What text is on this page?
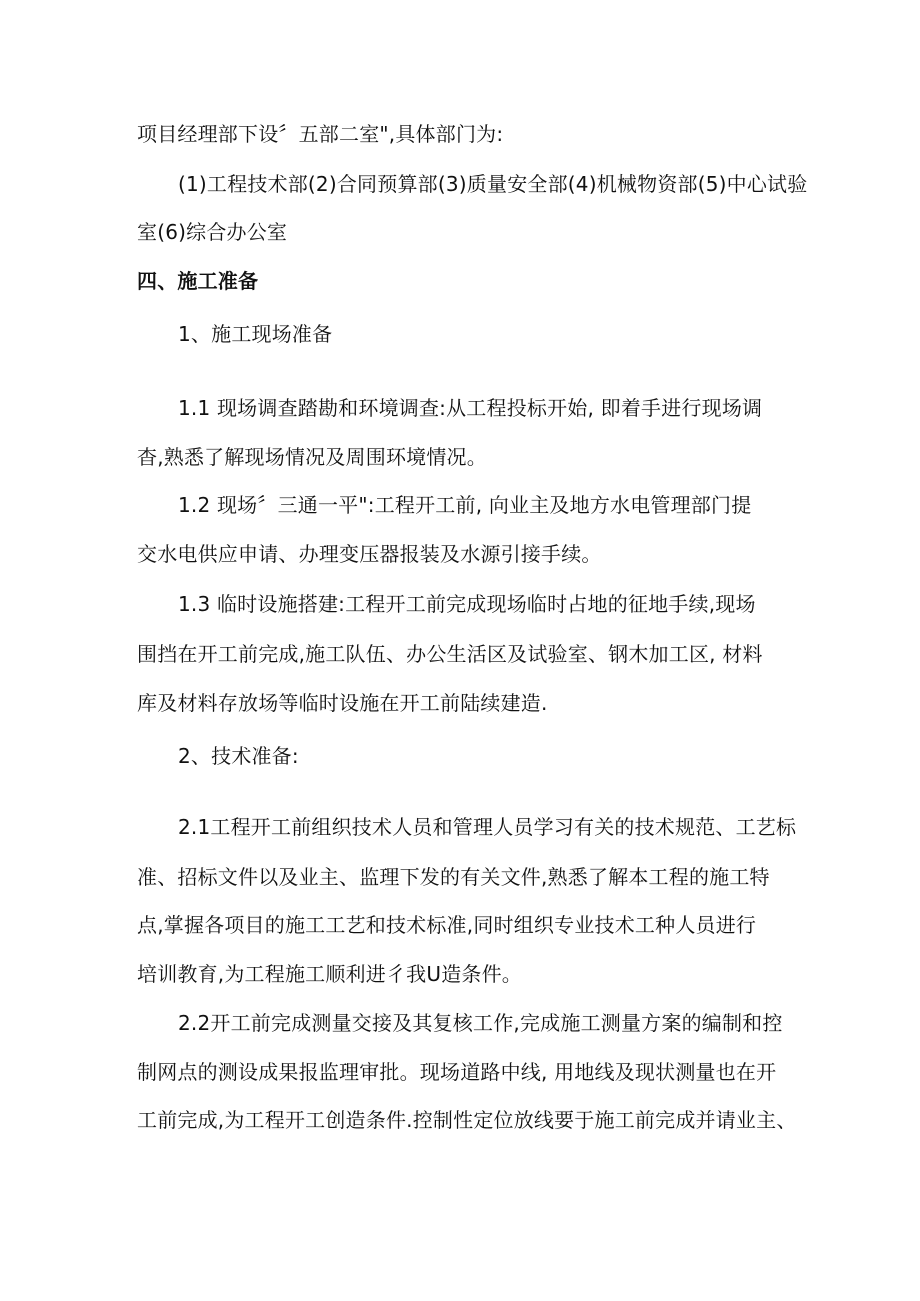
项目经理部下设〞五部二室",具体部门为:
(1)工程技术部(2)合同预算部(3)质量安全部(4)机械物资部(5)中心试验
室(6)综合办公室
四、施工准备
1、施工现场准备
1.1 现场调查踏勘和环境调查:从工程投标开始, 即着手进行现场调
杳,熟悉了解现场情况及周围环境情况。
1.2 现场〞三通一平":工程开工前, 向业主及地方水电管理部门提
交水电供应申请、办理变压器报装及水源引接手续。
1.3 临时设施搭建:工程开工前完成现场临时占地的征地手续,现场
围挡在开工前完成,施工队伍、办公生活区及试验室、钢木加工区, 材料
库及材料存放场等临时设施在开工前陆续建造.
2、技术准备:
2.1工程开工前组织技术人员和管理人员学习有关的技术规范、工艺标
准、招标文件以及业主、监理下发的有关文件,熟悉了解本工程的施工特
点,掌握各项目的施工工艺和技术标准,同时组织专业技术工种人员进行
培训教育,为工程施工顺利进彳我U造条件。
2.2开工前完成测量交接及其复核工作,完成施工测量方案的编制和控
制网点的测设成果报监理审批。现场道路中线, 用地线及现状测量也在开
工前完成,为工程开工创造条件.控制性定位放线要于施工前完成并请业主、
